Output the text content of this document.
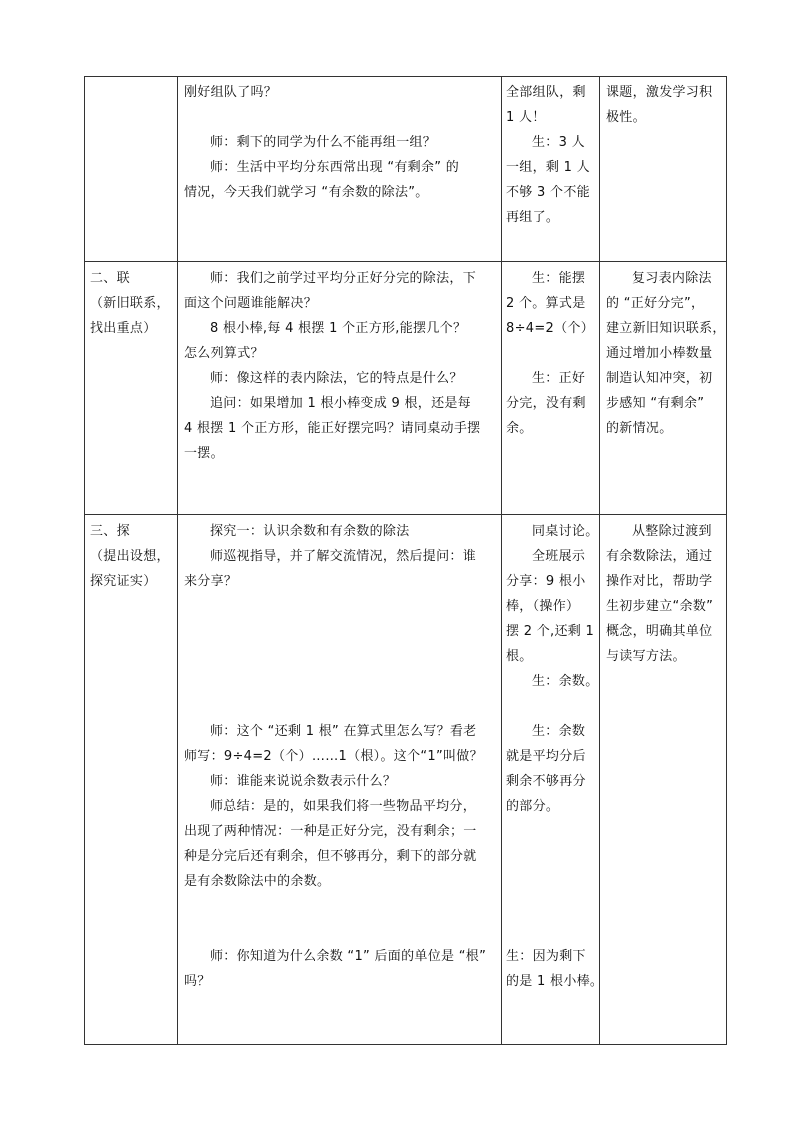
刚好组队了吗？

师：剩下的同学为什么不能再组一组？

师：生活中平均分东西常出现 “有剩余” 的

情况，今天我们就学习 “有余数的除法”。

全部组队，剩

1 人！

生：3 人

一组，剩 1 人

不够 3 个不能

再组了。

课题，激发学习积

极性。

二、联

（新旧联系，

找出重点）

师：我们之前学过平均分正好分完的除法，下

面这个问题谁能解决？

8 根小棒,每 4 根摆 1 个正方形,能摆几个？

怎么列算式？

师：像这样的表内除法，它的特点是什么？

追问：如果增加 1 根小棒变成 9 根，还是每

4 根摆 1 个正方形，能正好摆完吗？请同桌动手摆

一摆。

生：能摆

2 个。算式是

8÷4=2（个）

生：正好

分完，没有剩

余。

复习表内除法

的 “正好分完”，

建立新旧知识联系，

通过增加小棒数量

制造认知冲突，初

步感知 “有剩余”

的新情况。

三、探

（提出设想，

探究证实）

探究一：认识余数和有余数的除法

师巡视指导，并了解交流情况，然后提问：谁

来分享？

师：这个 “还剩 1 根” 在算式里怎么写？看老

师写：9÷4=2（个）……1（根）。这个“1”叫做？

师：谁能来说说余数表示什么？

师总结：是的，如果我们将一些物品平均分，

出现了两种情况：一种是正好分完，没有剩余；一

种是分完后还有剩余，但不够再分，剩下的部分就

是有余数除法中的余数。

师：你知道为什么余数 “1” 后面的单位是 “根”

吗？

同桌讨论。

全班展示

分享：9 根小

棒，（操作）

摆 2 个,还剩 1

根。

生：余数。

生：余数

就是平均分后

剩余不够再分

的部分。

生：因为剩下

的是 1 根小棒。

从整除过渡到

有余数除法，通过

操作对比，帮助学

生初步建立“余数”

概念，明确其单位

与读写方法。
